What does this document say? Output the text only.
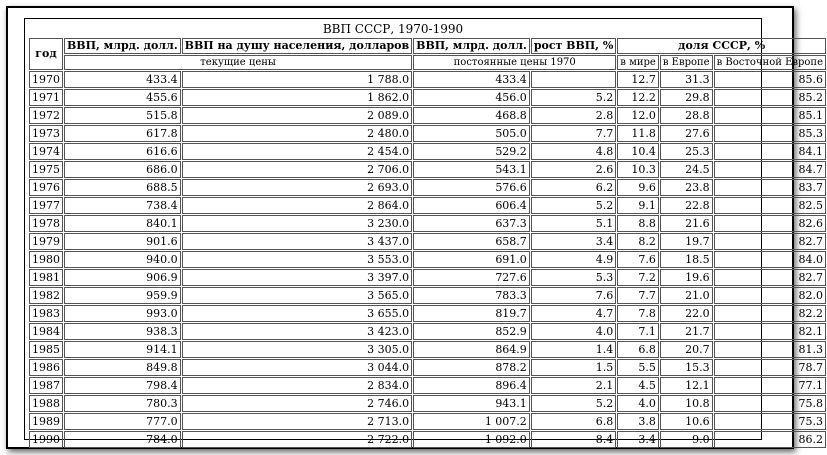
ВВП СССР, 1970-1990
год	ВВП, млрд. долл.	ВВП на душу населения, долларов	ВВП, млрд. долл.	рост ВВП, %	доля СССР, %		
	текущие цены		постоянные цены 1970		в мире	в Европе	в Восточной Европе
1970	433.4	1 788.0	433.4		12.7	31.3	85.6
1971	455.6	1 862.0	456.0	5.2	12.2	29.8	85.2
1972	515.8	2 089.0	468.8	2.8	12.0	28.8	85.1
1973	617.8	2 480.0	505.0	7.7	11.8	27.6	85.3
1974	616.6	2 454.0	529.2	4.8	10.4	25.3	84.1
1975	686.0	2 706.0	543.1	2.6	10.3	24.5	84.7
1976	688.5	2 693.0	576.6	6.2	9.6	23.8	83.7
1977	738.4	2 864.0	606.4	5.2	9.1	22.8	82.5
1978	840.1	3 230.0	637.3	5.1	8.8	21.6	82.6
1979	901.6	3 437.0	658.7	3.4	8.2	19.7	82.7
1980	940.0	3 553.0	691.0	4.9	7.6	18.5	84.0
1981	906.9	3 397.0	727.6	5.3	7.2	19.6	82.7
1982	959.9	3 565.0	783.3	7.6	7.7	21.0	82.0
1983	993.0	3 655.0	819.7	4.7	7.8	22.0	82.2
1984	938.3	3 423.0	852.9	4.0	7.1	21.7	82.1
1985	914.1	3 305.0	864.9	1.4	6.8	20.7	81.3
1986	849.8	3 044.0	878.2	1.5	5.5	15.3	78.7
1987	798.4	2 834.0	896.4	2.1	4.5	12.1	77.1
1988	780.3	2 746.0	943.1	5.2	4.0	10.8	75.8
1989	777.0	2 713.0	1 007.2	6.8	3.8	10.6	75.3
1990	784.0	2 722.0	1 092.0	8.4	3.4	9.0	86.2
